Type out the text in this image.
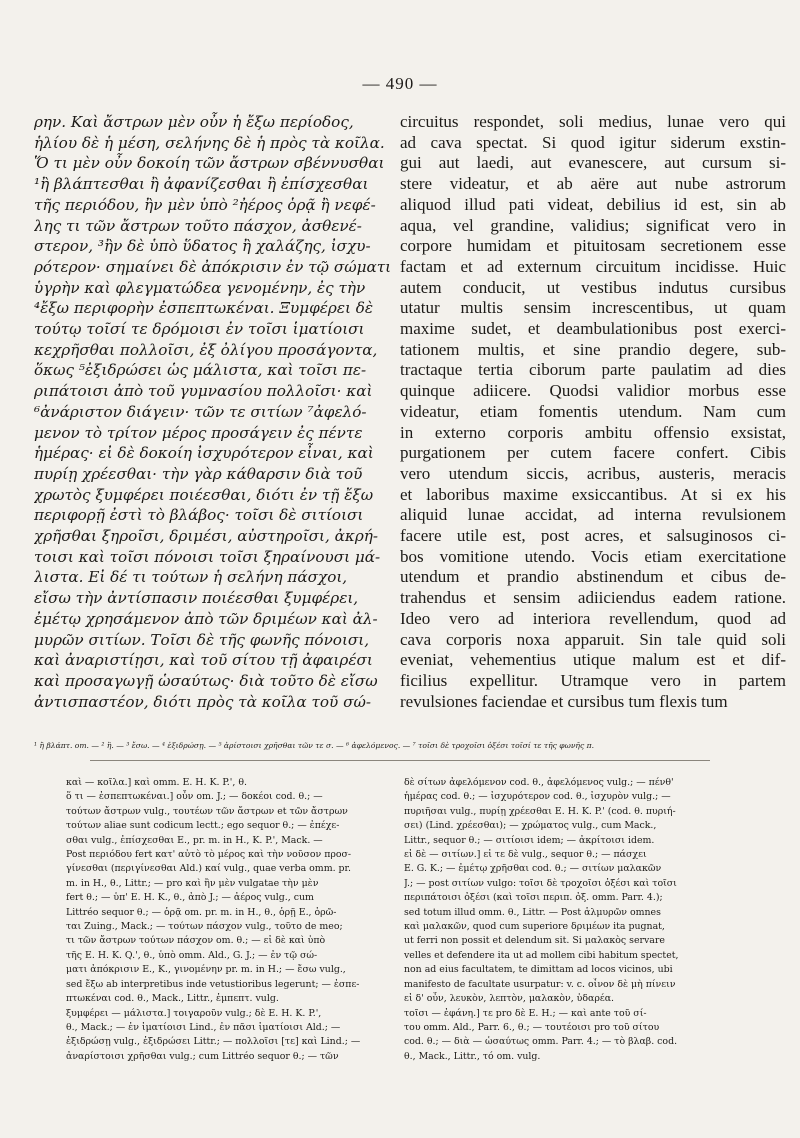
— 490 —
ρην. Καὶ ἄστρων μὲν οὖν ἡ ἔξω περίοδος,
ἡλίου δὲ ἡ μέση, σελήνης δὲ ἡ πρὸς τὰ κοῖλα.
Ὅ τι μὲν οὖν δοκοίη τῶν ἄστρων σβέννυσθαι
¹ἢ βλάπτεσθαι ἢ ἀφανίζεσθαι ἢ ἐπίσχεσθαι
τῆς περιόδου, ἢν μὲν ὑπὸ ²ἠέρος ὁρᾷ ἢ νεφέ-
λης τι τῶν ἄστρων τοῦτο πάσχον, ἀσθενέ-
στερον, ³ἢν δὲ ὑπὸ ὕδατος ἢ χαλάζης, ἰσχυ-
ρότερον· σημαίνει δὲ ἀπόκρισιν ἐν τῷ σώματι
ὑγρὴν καὶ φλεγματώδεα γενομένην, ἐς τὴν
⁴ἔξω περιφορὴν ἐσπεπτωκέναι. Ξυμφέρει δὲ
τούτῳ τοῖσί τε δρόμοισι ἐν τοῖσι ἱματίοισι
κεχρῆσθαι πολλοῖσι, ἐξ ὀλίγου προσάγοντα,
ὅκως ⁵ἐξιδρώσει ὡς μάλιστα, καὶ τοῖσι πε-
ριπάτοισι ἀπὸ τοῦ γυμνασίου πολλοῖσι· καὶ
⁶ἀνάριστον διάγειν· τῶν τε σιτίων ⁷ἀφελό-
μενον τὸ τρίτον μέρος προσάγειν ἐς πέντε
ἡμέρας· εἰ δὲ δοκοίη ἰσχυρότερον εἶναι, καὶ
πυρίῃ χρέεσθαι· τὴν γὰρ κάθαρσιν διὰ τοῦ
χρωτὸς ξυμφέρει ποιέεσθαι, διότι ἐν τῇ ἔξω
περιφορῇ ἐστὶ τὸ βλάβος· τοῖσι δὲ σιτίοισι
χρῆσθαι ξηροῖσι, δριμέσι, αὐστηροῖσι, ἀκρή-
τοισι καὶ τοῖσι πόνοισι τοῖσι ξηραίνουσι μά-
λιστα. Εἰ δέ τι τούτων ἡ σελήνη πάσχοι,
εἴσω τὴν ἀντίσπασιν ποιέεσθαι ξυμφέρει,
ἐμέτῳ χρησάμενον ἀπὸ τῶν δριμέων καὶ ἀλ-
μυρῶν σιτίων. Τοῖσι δὲ τῆς φωνῆς πόνοισι,
καὶ ἀναριστίῃσι, καὶ τοῦ σίτου τῇ ἀφαιρέσι
καὶ προσαγωγῇ ὡσαύτως· διὰ τοῦτο δὲ εἴσω
ἀντισπαστέον, διότι πρὸς τὰ κοῖλα τοῦ σώ-
circuitus respondet, soli medius, lunae vero qui
ad cava spectat. Si quod igitur siderum exstin-
gui aut laedi, aut evanescere, aut cursum si-
stere videatur, et ab aëre aut nube astrorum
aliquod illud pati videat, debilius id est, sin ab
aqua, vel grandine, validius; significat vero in
corpore humidam et pituitosam secretionem esse
factam et ad externum circuitum incidisse. Huic
autem conducit, ut vestibus indutus cursibus
utatur multis sensim increscentibus, ut quam
maxime sudet, et deambulationibus post exerci-
tationem multis, et sine prandio degere, sub-
tractaque tertia ciborum parte paulatim ad dies
quinque adiicere. Quodsi validior morbus esse
videatur, etiam fomentis utendum. Nam cum
in externo corporis ambitu offensio exsistat,
purgationem per cutem facere confert. Cibis
vero utendum siccis, acribus, austeris, meracis
et laboribus maxime exsiccantibus. At si ex his
aliquid lunae accidat, ad interna revulsionem
facere utile est, post acres, et salsuginosos ci-
bos vomitione utendo. Vocis etiam exercitatione
utendum et prandio abstinendum et cibus de-
trahendus et sensim adiiciendus eadem ratione.
Ideo vero ad interiora revellendum, quod ad
cava corporis noxa apparuit. Sin tale quid soli
eveniat, vehementius utique malum est et dif-
ficilius expellitur. Utramque vero in partem
revulsiones faciendae et cursibus tum flexis tum
¹ ἢ βλάπτ. om. — ² ἢ. — ³ ἔσω. — ⁴ ἐξιδρώσῃ. — ⁵ ἀρίστοισι χρῆσθαι τῶν τε σ. — ⁶ ἀφελόμενος. — ⁷ τοῖσι δὲ τροχοῖσι ὀξέσι τοῖσί τε τῆς φωνῆς π.
καὶ — κοῖλα.] καὶ omm. E. H. K. P.', θ.
ὅ τι — ἐσπεπτωκέναι.] οὖν om. J.; — δοκέοι cod. θ.; —
τούτων ἄστρων vulg., τουτέων τῶν ἄστρων et τῶν ἄστρων
τούτων aliae sunt codicum lectt.; ego sequor θ.; — ἐπέχε-
σθαι vulg., ἐπίσχεσθαι E., pr. m. in H., K. P.', Mack. —
Post περιόδου fert κατ' αὐτὸ τὸ μέρος καὶ τὴν νοῦσον προσ-
γίνεσθαι (περιγίνεσθαι Ald.) καί vulg., quae verba omm. pr.
m. in H., θ., Littr.; — pro καὶ ἢν μὲν vulgatae τὴν μὲν
fert θ.; — ὑπ' E. H. K., θ., ἀπὸ J.; — ἀέρος vulg., cum
Littréo sequor θ.; — ὁρᾷ om. pr. m. in H., θ., ὁρῇ E., ὁρῶ-
ται Zuing., Mack.; — τούτων πάσχον vulg., τοῦτο de meo;
τι τῶν ἄστρων τούτων πάσχον om. θ.; — εἰ δὲ καὶ ὑπὸ
τῆς E. H. K. Q.', θ., ὑπὸ omm. Ald., G. J.; — ἐν τῷ σώ-
ματι ἀπόκρισιν E., K., γινομένην pr. m. in H.; — ἔσω vulg.,
sed ἔξω ab interpretibus inde vetustioribus legerunt; — ἐσπε-
πτωκέναι cod. θ., Mack., Littr., ἐμπεπτ. vulg.
ξυμφέρει — μάλιστα.] τοιγαροῦν vulg.; δὲ E. H. K. P.',
θ., Mack.; — ἐν ἱματίοισι Lind., ἐν πᾶσι ἱματίοισι Ald.; —
ἐξιδρώσῃ vulg., ἐξιδρώσει Littr.; — πολλοῖσι [τε] καὶ Lind.; —
ἀναρίστοισι χρῆσθαι vulg.; cum Littréo sequor θ.; — τῶν
δὲ σίτων ἀφελόμενον cod. θ., ἀφελόμενος vulg.; — πένθ'
ἡμέρας cod. θ.; — ἰσχυρότερον cod. θ., ἰσχυρὸν vulg.; —
πυριῆσαι vulg., πυρίῃ χρέεσθαι E. H. K. P.' (cod. θ. πυριή-
σει) (Lind. χρέεσθαι); — χρώματος vulg., cum Mack.,
Littr., sequor θ.; — σιτίοισι idem; — ἀκρίτοισι idem.
εἰ δὲ — σιτίων.] εἰ τε δὲ vulg., sequor θ.; — πάσχει
E. G. K.; — ἐμέτῳ χρῆσθαι cod. θ.; — σιτίων μαλακῶν
J.; — post σιτίων vulgo: τοῖσι δὲ τροχοῖσι ὀξέσι καὶ τοῖσι
περιπάτοισι ὀξέσι (καὶ τοῖσι περιπ. ὀξ. omm. Parr. 4.);
sed totum illud omm. θ., Littr. — Post ἁλμυρῶν omnes
καὶ μαλακῶν, quod cum superiore δριμέων ita pugnat,
ut ferri non possit et delendum sit. Si μαλακὸς servare
velles et defendere ita ut ad mollem cibi habitum spectet,
non ad eius facultatem, te dimittam ad locos vicinos, ubi
manifesto de facultate usurpatur: v. c. οἶνον δὲ μὴ πίνειν
εἰ δ' οὖν, λευκὸν, λεπτὸν, μαλακὸν, ὑδαρέα.
τοῖσι — ἐφάνη.] τε pro δὲ E. H.; — καὶ ante τοῦ σί-
του omm. Ald., Parr. 6., θ.; — τουτέοισι pro τοῦ σίτου
cod. θ.; — διὰ — ὡσαύτως omm. Parr. 4.; — τὸ βλαβ. cod.
θ., Mack., Littr., τό om. vulg.
